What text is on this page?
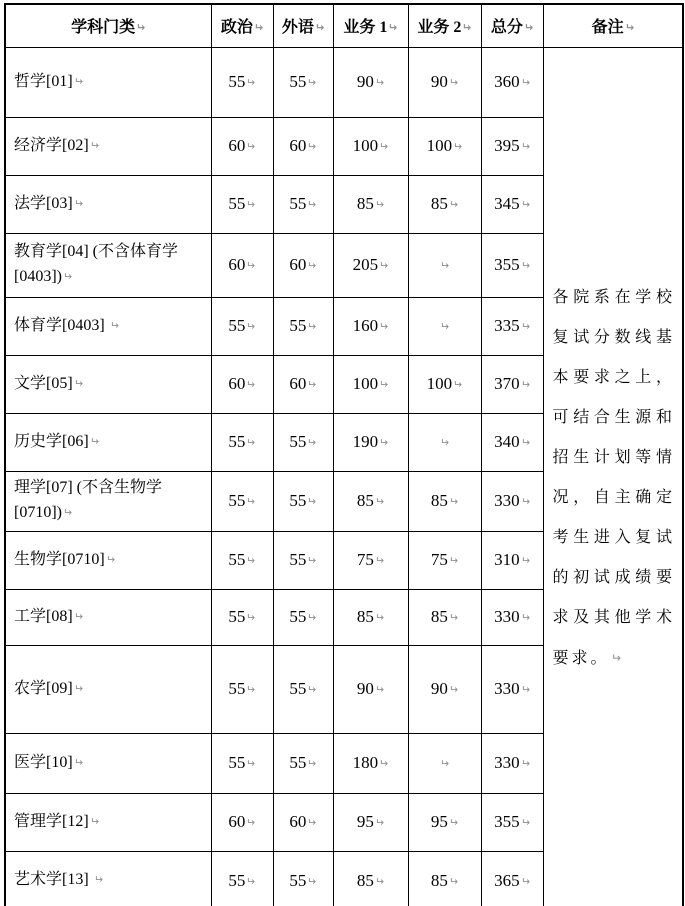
学科门类↵	政治↵	外语↵	业务 1↵	业务 2↵	总分↵	备注↵
哲学[01]↵	55↵	55↵	90↵	90↵	360↵	各院系在学校复试分数线基本要求之上，可结合生源和招生计划等情况，自主确定考生进入复试的初试成绩要求及其他学术要求。↵
经济学[02]↵	60↵	60↵	100↵	100↵	395↵	
法学[03]↵	55↵	55↵	85↵	85↵	345↵	
教育学[04] (不含体育学[0403])↵	60↵	60↵	205↵	↵	355↵	
体育学[0403] ↵	55↵	55↵	160↵	↵	335↵	
文学[05]↵	60↵	60↵	100↵	100↵	370↵	
历史学[06]↵	55↵	55↵	190↵	↵	340↵	
理学[07] (不含生物学[0710])↵	55↵	55↵	85↵	85↵	330↵	
生物学[0710]↵	55↵	55↵	75↵	75↵	310↵	
工学[08]↵	55↵	55↵	85↵	85↵	330↵	
农学[09]↵	55↵	55↵	90↵	90↵	330↵	
医学[10]↵	55↵	55↵	180↵	↵	330↵	
管理学[12]↵	60↵	60↵	95↵	95↵	355↵	
艺术学[13] ↵	55↵	55↵	85↵	85↵	365↵	
